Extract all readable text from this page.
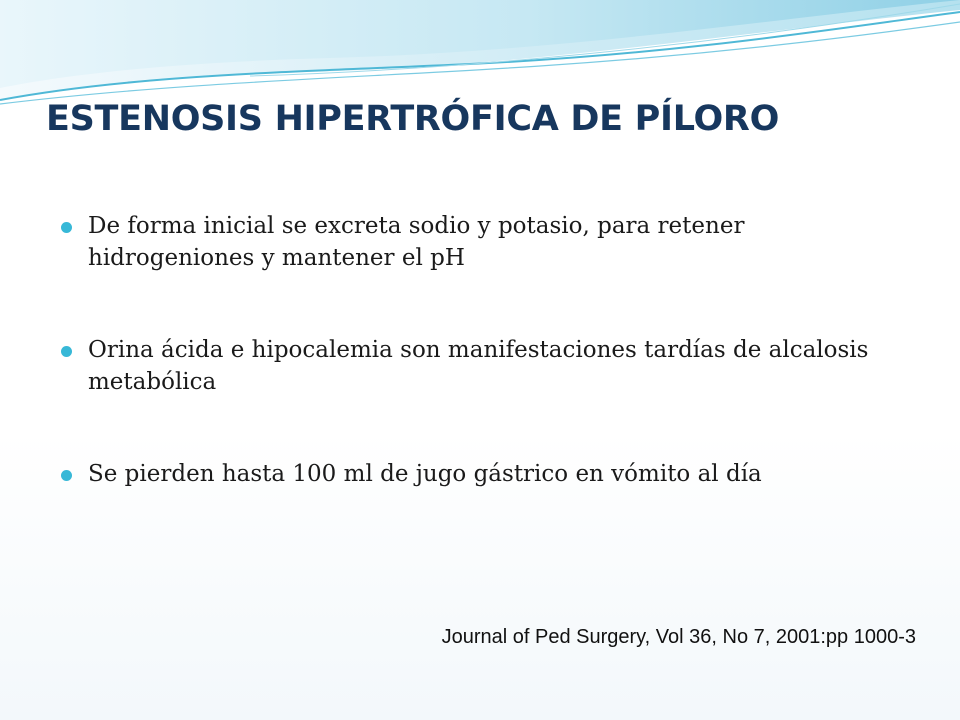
ESTENOSIS HIPERTRÓFICA DE PÍLORO
De forma inicial se excreta sodio y potasio, para retener hidrogeniones y mantener el pH
Orina ácida e hipocalemia son manifestaciones tardías de alcalosis metabólica
Se pierden hasta 100 ml de jugo gástrico en vómito al día

Journal of Ped Surgery, Vol 36, No 7, 2001:pp 1000-3
